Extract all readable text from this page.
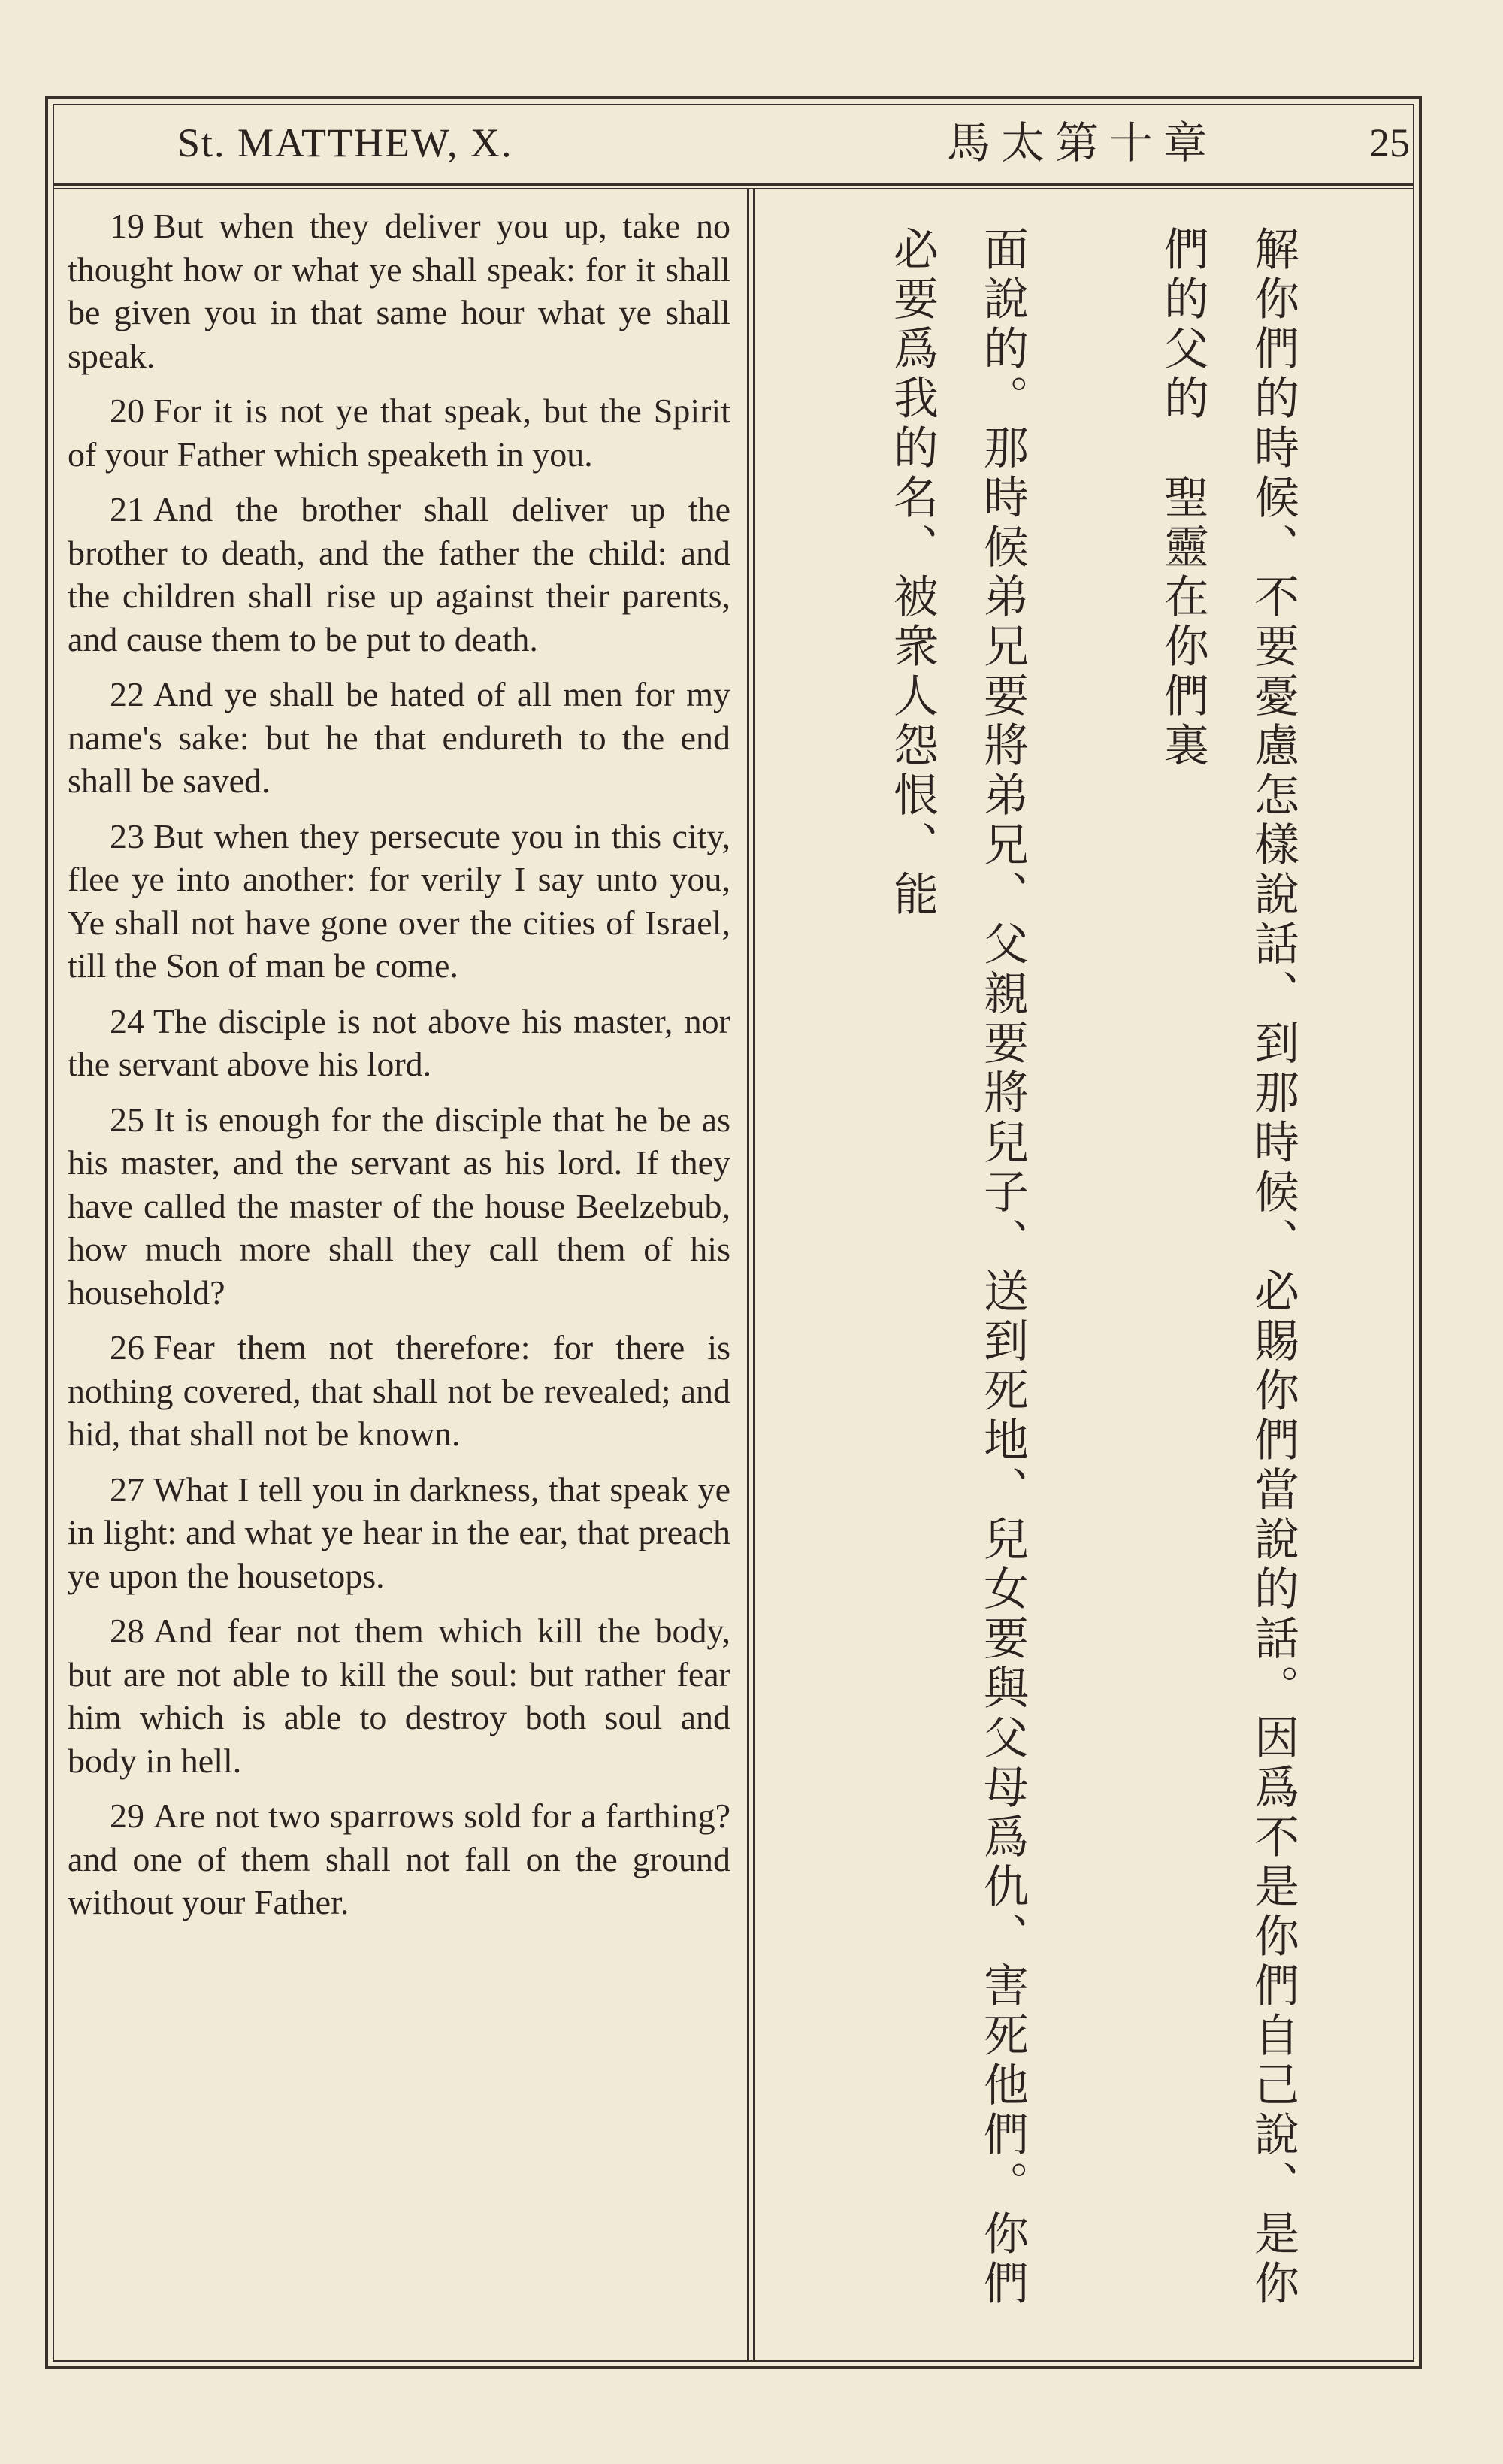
St. MATTHEW, X.	馬太第十章	25

19 But when they deliver you up, take no thought how or what ye shall speak: for it shall be given you in that same hour what ye shall speak.

20 For it is not ye that speak, but the Spirit of your Father which speaketh in you.

21 And the brother shall deliver up the brother to death, and the father the child: and the children shall rise up against their parents, and cause them to be put to death.

22 And ye shall be hated of all men for my name's sake: but he that endureth to the end shall be saved.

23 But when they persecute you in this city, flee ye into another: for verily I say unto you, Ye shall not have gone over the cities of Israel, till the Son of man be come.

24 The disciple is not above his master, nor the servant above his lord.

25 It is enough for the disciple that he be as his master, and the servant as his lord. If they have called the master of the house Beelzebub, how much more shall they call them of his household?

26 Fear them not therefore: for there is nothing covered, that shall not be revealed; and hid, that shall not be known.

27 What I tell you in darkness, that speak ye in light: and what ye hear in the ear, that preach ye upon the housetops.

28 And fear not them which kill the body, but are not able to kill the soul: but rather fear him which is able to destroy both soul and body in hell.

29 Are not two sparrows sold for a farthing? and one of them shall not fall on the ground without your Father.	解你們的時候、不要憂慮怎樣說話、到那時候、必賜你們當說的話。因爲不是你們自己說、是你們的父的　聖靈在你們裏

面說的。那時候弟兄要將弟兄、父親要將兒子、送到死地、兒女要與父母爲仇、害死他們。你們必要爲我的名、被衆人怨恨、能
